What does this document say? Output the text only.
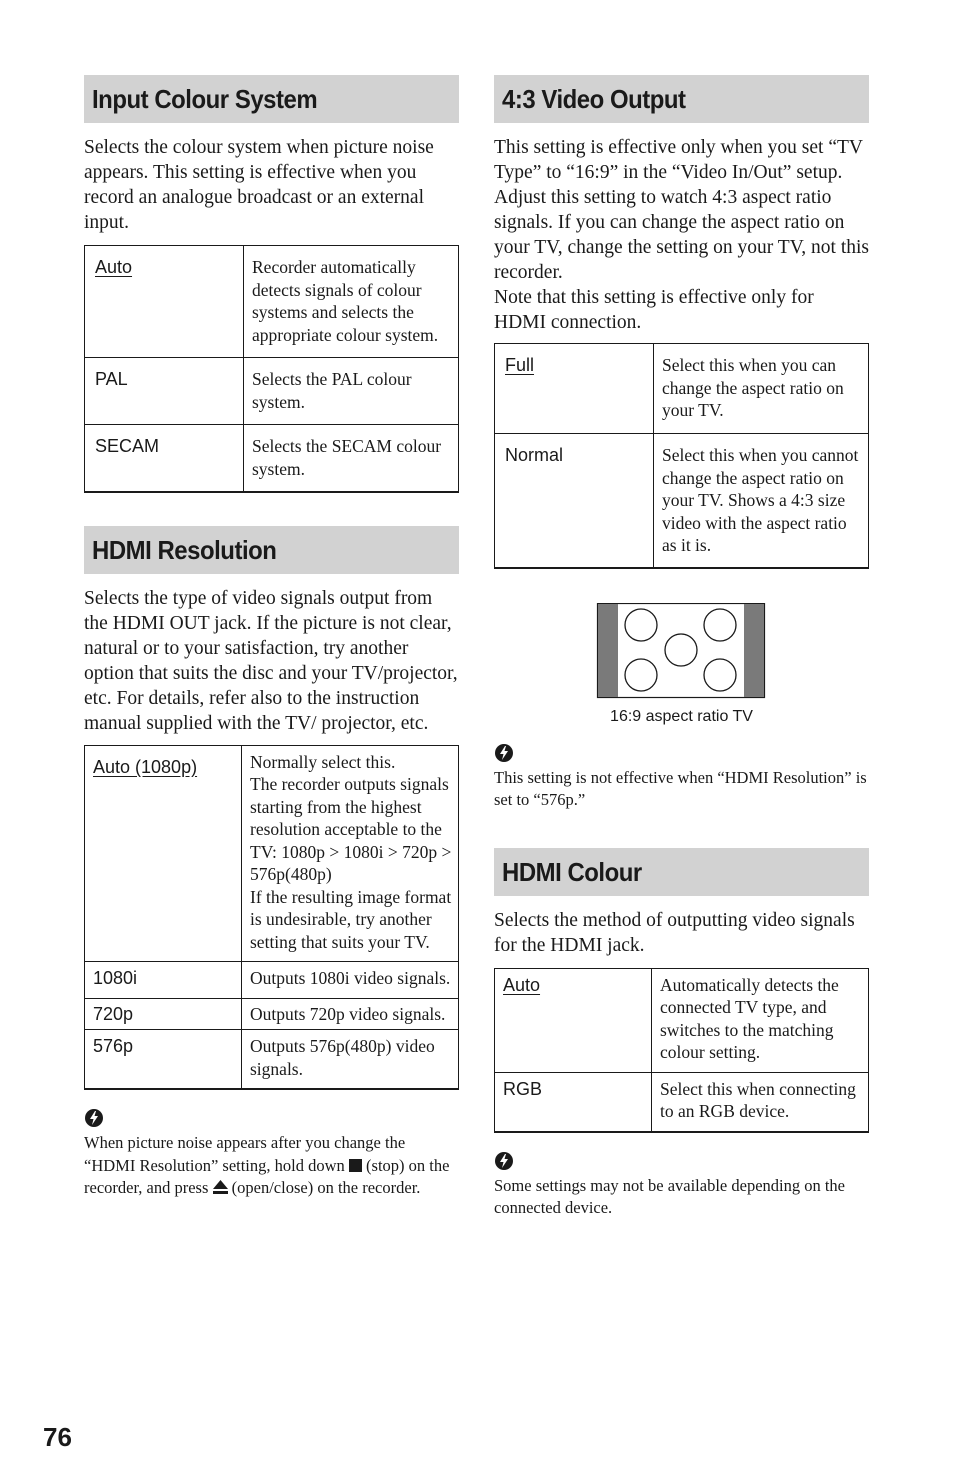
Input Colour System

Selects the colour system when picture noise appears. This setting is effective when you record an analogue broadcast or an external input.

Auto	Recorder automatically detects signals of colour systems and selects the appropriate colour system.
PAL	Selects the PAL colour system.
SECAM	Selects the SECAM colour system.
HDMI Resolution

Selects the type of video signals output from the HDMI OUT jack. If the picture is not clear, natural or to your satisfaction, try another option that suits the disc and your TV/projector, etc. For details, refer also to the instruction manual supplied with the TV/ projector, etc.

Auto (1080p)	Normally select this.
The recorder outputs signals starting from the highest resolution acceptable to the TV: 1080p > 1080i > 720p > 576p(480p)
If the resulting image format is undesirable, try another setting that suits your TV.

1080i	Outputs 1080i video signals.
720p	Outputs 720p video signals.
576p	Outputs 576p(480p) video signals.

When picture noise appears after you change the “HDMI Resolution” setting, hold down  (stop) on the recorder, and press  (open/close) on the recorder.

4:3 Video Output

This setting is effective only when you set “TV Type” to “16:9” in the “Video In/Out” setup.

Adjust this setting to watch 4:3 aspect ratio signals. If you can change the aspect ratio on your TV, change the setting on your TV, not this recorder.

Note that this setting is effective only for HDMI connection.

Full	Select this when you can change the aspect ratio on your TV.
Normal	Select this when you cannot change the aspect ratio on your TV. Shows a 4:3 size video with the aspect ratio as it is.
16:9 aspect ratio TV

This setting is not effective when “HDMI Resolution” is set to “576p.”

HDMI Colour

Selects the method of outputting video signals for the HDMI jack.

Auto	Automatically detects the connected TV type, and switches to the matching colour setting.
RGB	Select this when connecting to an RGB device.

Some settings may not be available depending on the connected device.

76
